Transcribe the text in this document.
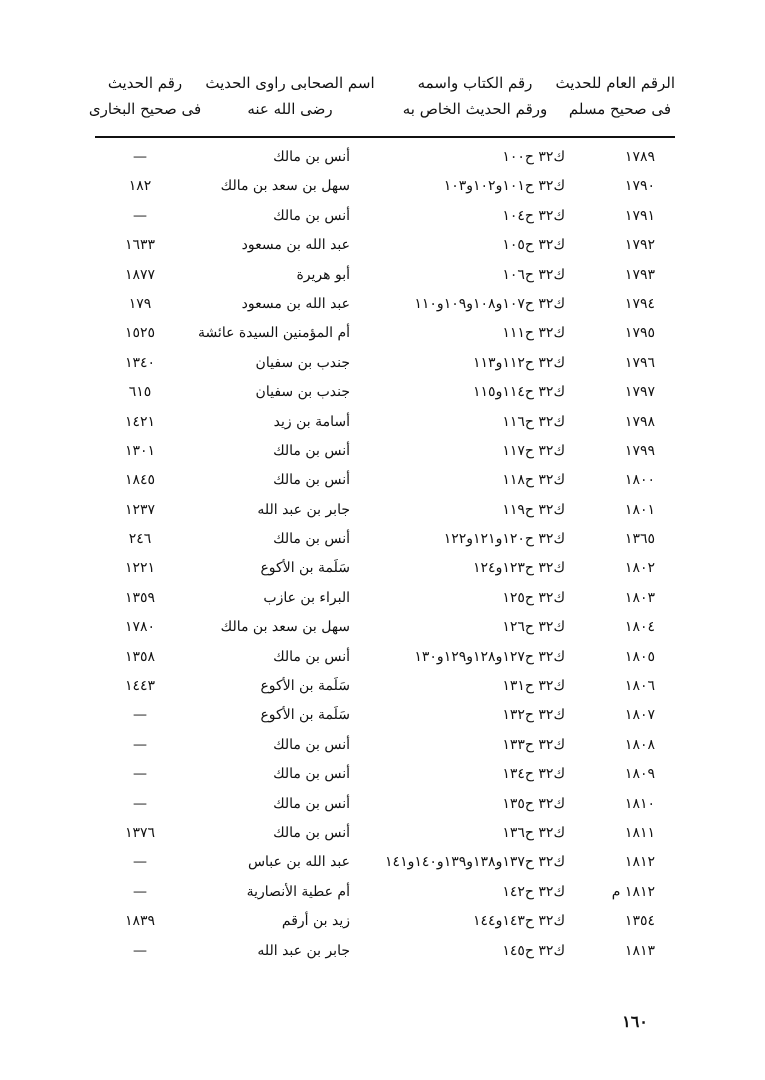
الرقم العام للحديث
فى صحيح مسلم
رقم الكتاب واسمه
ورقم الحديث الخاص به
اسم الصحابى راوى الحديث
رضى الله عنه
رقم الحديث
فى صحيح البخارى
١٧٨٩
ك٣٢ ح١٠٠
أنس بن مالك
—
١٧٩٠
ك٣٢ ح١٠١و١٠٢و١٠٣
سهل بن سعد بن مالك
١٨٢
١٧٩١
ك٣٢ ح١٠٤
أنس بن مالك
—
١٧٩٢
ك٣٢ ح١٠٥
عبد الله بن مسعود
١٦٣٣
١٧٩٣
ك٣٢ ح١٠٦
أبو هريرة
١٨٧٧
١٧٩٤
ك٣٢ ح١٠٧و١٠٨و١٠٩و١١٠
عبد الله بن مسعود
١٧٩
١٧٩٥
ك٣٢ ح١١١
أم المؤمنين السيدة عائشة
١٥٢٥
١٧٩٦
ك٣٢ ح١١٢و١١٣
جندب بن سفيان
١٣٤٠
١٧٩٧
ك٣٢ ح١١٤و١١٥
جندب بن سفيان
٦١٥
١٧٩٨
ك٣٢ ح١١٦
أسامة بن زيد
١٤٢١
١٧٩٩
ك٣٢ ح١١٧
أنس بن مالك
١٣٠١
١٨٠٠
ك٣٢ ح١١٨
أنس بن مالك
١٨٤٥
١٨٠١
ك٣٢ ح١١٩
جابر بن عبد الله
١٢٣٧
١٣٦٥
ك٣٢ ح١٢٠و١٢١و١٢٢
أنس بن مالك
٢٤٦
١٨٠٢
ك٣٢ ح١٢٣و١٢٤
سَلَمة بن الأكوع
١٢٢١
١٨٠٣
ك٣٢ ح١٢٥
البراء بن عازب
١٣٥٩
١٨٠٤
ك٣٢ ح١٢٦
سهل بن سعد بن مالك
١٧٨٠
١٨٠٥
ك٣٢ ح١٢٧و١٢٨و١٢٩و١٣٠
أنس بن مالك
١٣٥٨
١٨٠٦
ك٣٢ ح١٣١
سَلَمة بن الأكوع
١٤٤٣
١٨٠٧
ك٣٢ ح١٣٢
سَلَمة بن الأكوع
—
١٨٠٨
ك٣٢ ح١٣٣
أنس بن مالك
—
١٨٠٩
ك٣٢ ح١٣٤
أنس بن مالك
—
١٨١٠
ك٣٢ ح١٣٥
أنس بن مالك
—
١٨١١
ك٣٢ ح١٣٦
أنس بن مالك
١٣٧٦
١٨١٢
ك٣٢ ح١٣٧و١٣٨و١٣٩و١٤٠و١٤١
عبد الله بن عباس
—
١٨١٢ م
ك٣٢ ح١٤٢
أم عطية الأنصارية
—
١٣٥٤
ك٣٢ ح١٤٣و١٤٤
زيد بن أرقم
١٨٣٩
١٨١٣
ك٣٢ ح١٤٥
جابر بن عبد الله
—
١٦٠
